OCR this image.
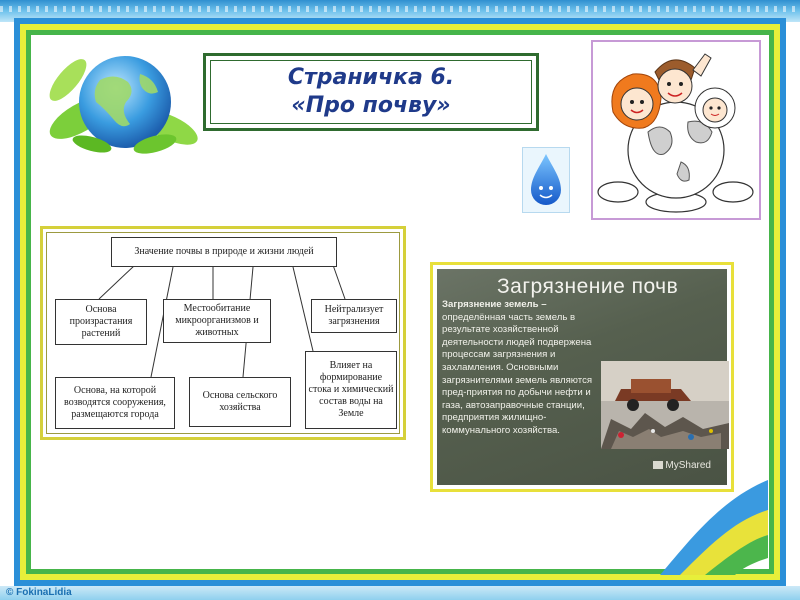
© FokinaLidia
Страничка 6.
«Про почву»
Значение почвы в природе и жизни людей
Основа произрастания растений
Местообитание микроорганизмов и животных
Нейтрализует загрязнения
Основа, на которой возводятся сооружения, размещаются города
Основа сельского хозяйства
Влияет на формирование стока и химический состав воды на Земле
Загрязнение почв
Загрязнение земель – определённая часть земель в результате хозяйственной деятельности людей подвержена процессам загрязнения и захламления. Основными загрязнителями земель являются пред-приятия по добычи нефти и газа, автозаправочные станции, предприятия жилищно-коммунального хозяйства.
MyShared
